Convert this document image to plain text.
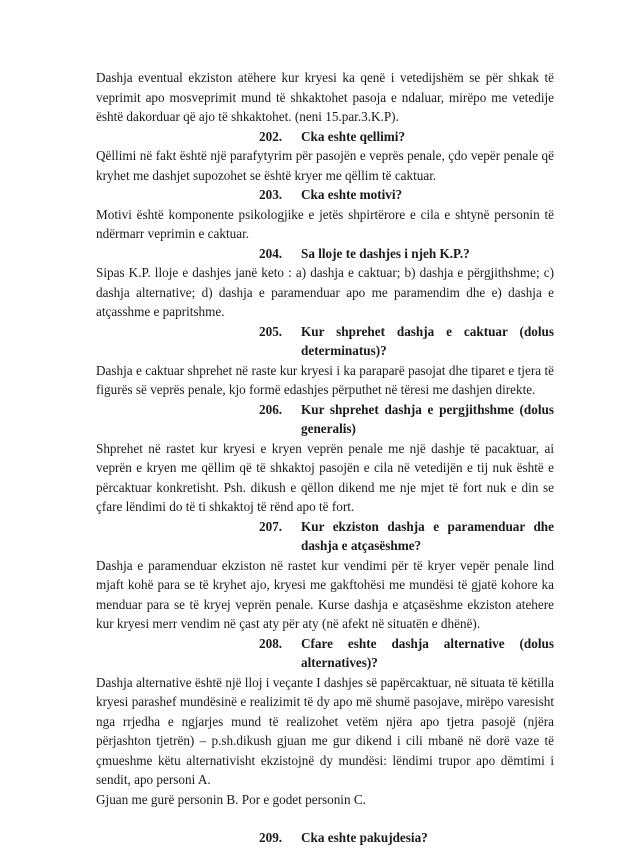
Dashja eventual ekziston atëhere kur kryesi ka qenë i vetedijshëm se për shkak të veprimit apo mosveprimit mund të shkaktohet pasoja e ndaluar, mirëpo me vetedije është dakorduar që ajo të shkaktohet. (neni 15.par.3.K.P).

202.	Cka eshte qellimi?

Qëllimi në fakt është një parafytyrim për pasojën e veprës penale, çdo vepër penale që kryhet me dashjet supozohet se është kryer me qëllim të caktuar.

203.	Cka eshte motivi?

Motivi është komponente psikologjike e jetës shpirtërore e cila e shtynë personin të ndërmarr veprimin e caktuar.

204.	Sa lloje te dashjes i njeh K.P.?

Sipas K.P. lloje e dashjes janë keto : a) dashja e caktuar; b) dashja e përgjithshme; c) dashja alternative; d) dashja e paramenduar apo me paramendim dhe e) dashja e atçasshme e papritshme.

205.	Kur shprehet dashja e caktuar (dolus determinatus)?

Dashja e caktuar shprehet në raste kur kryesi i ka paraparë pasojat dhe tiparet e tjera të figurës së veprës penale, kjo formë edashjes përputhet në tëresi me dashjen direkte.

206.	Kur shprehet dashja e pergjithshme (dolus generalis)

Shprehet në rastet kur kryesi e kryen veprën penale me një dashje të pacaktuar, ai veprën e kryen me qëllim që të shkaktoj pasojën e cila në vetedijën e tij nuk është e përcaktuar konkretisht. Psh. dikush e qëllon dikend me nje mjet të fort nuk e din se çfare lëndimi do të ti shkaktoj të rënd apo të fort.

207.	Kur ekziston dashja e paramenduar dhe dashja e atçasëshme?

Dashja e paramenduar ekziston në rastet kur vendimi për të kryer vepër penale lind mjaft kohë para se të kryhet ajo, kryesi me gakftohësi me mundësi të gjatë kohore ka menduar para se të kryej veprën penale. Kurse dashja e atçasëshme ekziston atehere kur kryesi merr vendim në çast aty për aty (në afekt në situatën e dhënë).

208.	Cfare eshte dashja alternative (dolus alternatives)?

Dashja alternative është një lloj i veçante I dashjes së papërcaktuar, në situata të këtilla kryesi parashef mundësinë e realizimit të dy apo më shumë pasojave, mirëpo varesisht nga rrjedha e ngjarjes mund të realizohet vetëm njëra apo tjetra pasojë (njëra përjashton tjetrën) – p.sh.dikush gjuan me gur dikend i cili mbanë në dorë vaze të çmueshme këtu alternativisht ekzistojnë dy mundësi: lëndimi trupor apo dëmtimi i sendit, apo personi A.

Gjuan me gurë personin B. Por e godet personin C.

209.	Cka eshte pakujdesia?
